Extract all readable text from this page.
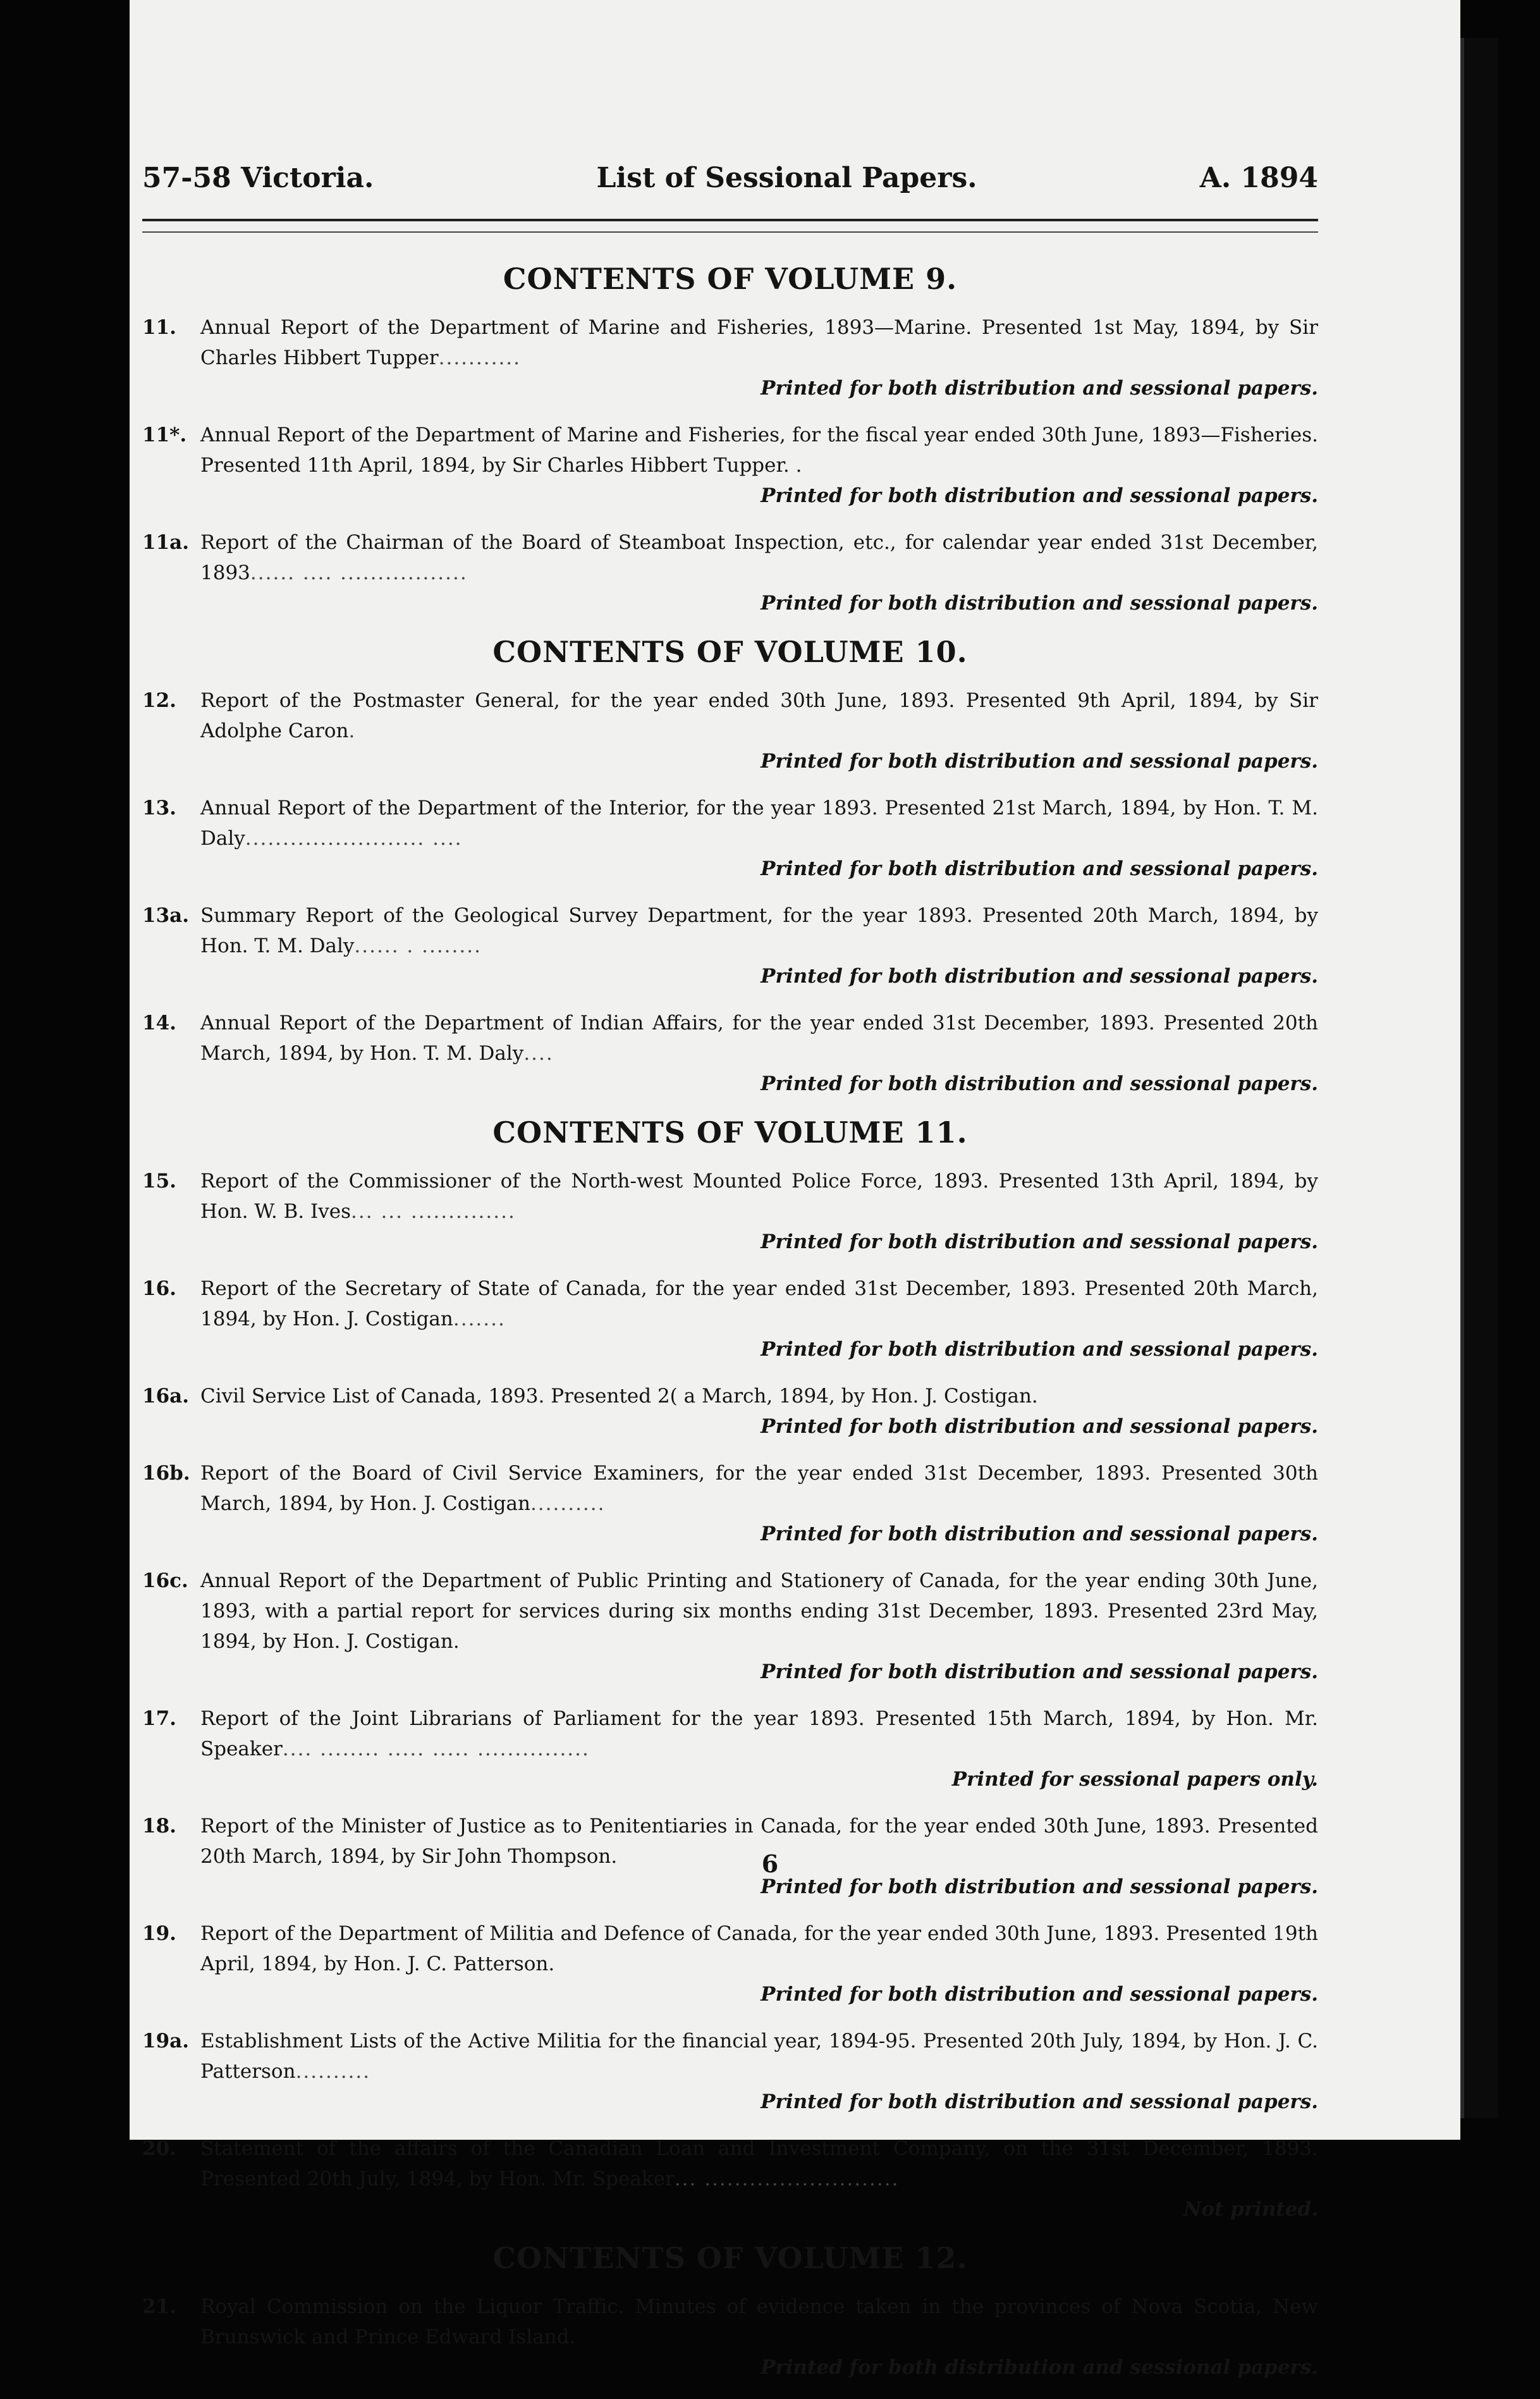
57-58 Victoria.	List of Sessional Papers.	A. 1894
CONTENTS OF VOLUME 9.
11.	Annual Report of the Department of Marine and Fisheries, 1893—Marine. Presented 1st May, 1894, by Sir Charles Hibbert Tupper...........
Printed for both distribution and sessional papers.
11*. Annual Report of the Department of Marine and Fisheries, for the fiscal year ended 30th June, 1893—Fisheries. Presented 11th April, 1894, by Sir Charles Hibbert Tupper. .
Printed for both distribution and sessional papers.
11a. Report of the Chairman of the Board of Steamboat Inspection, etc., for calendar year ended 31st December, 1893...... .... .................
Printed for both distribution and sessional papers.
CONTENTS OF VOLUME 10.
12.	Report of the Postmaster General, for the year ended 30th June, 1893. Presented 9th April, 1894, by Sir Adolphe Caron.
Printed for both distribution and sessional papers.
13.	Annual Report of the Department of the Interior, for the year 1893. Presented 21st March, 1894, by Hon. T. M. Daly........................ ....
Printed for both distribution and sessional papers.
13a. Summary Report of the Geological Survey Department, for the year 1893. Presented 20th March, 1894, by Hon. T. M. Daly...... . ........
Printed for both distribution and sessional papers.
14.	Annual Report of the Department of Indian Affairs, for the year ended 31st December, 1893. Presented 20th March, 1894, by Hon. T. M. Daly....
Printed for both distribution and sessional papers.
CONTENTS OF VOLUME 11.
15.	Report of the Commissioner of the North-west Mounted Police Force, 1893. Presented 13th April, 1894, by Hon. W. B. Ives... ... ..............
Printed for both distribution and sessional papers.
16.	Report of the Secretary of State of Canada, for the year ended 31st December, 1893. Presented 20th March, 1894, by Hon. J. Costigan.......
Printed for both distribution and sessional papers.
16a. Civil Service List of Canada, 1893. Presented 2( a March, 1894, by Hon. J. Costigan.
Printed for both distribution and sessional papers.
16b. Report of the Board of Civil Service Examiners, for the year ended 31st December, 1893. Presented 30th March, 1894, by Hon. J. Costigan..........
Printed for both distribution and sessional papers.
16c. Annual Report of the Department of Public Printing and Stationery of Canada, for the year ending 30th June, 1893, with a partial report for services during six months ending 31st December, 1893. Presented 23rd May, 1894, by Hon. J. Costigan.
Printed for both distribution and sessional papers.
17.	Report of the Joint Librarians of Parliament for the year 1893. Presented 15th March, 1894, by Hon. Mr. Speaker.... ........ ..... ..... ...............
Printed for sessional papers only.
18.	Report of the Minister of Justice as to Penitentiaries in Canada, for the year ended 30th June, 1893. Presented 20th March, 1894, by Sir John Thompson.
Printed for both distribution and sessional papers.
19.	Report of the Department of Militia and Defence of Canada, for the year ended 30th June, 1893. Presented 19th April, 1894, by Hon. J. C. Patterson.
Printed for both distribution and sessional papers.
19a. Establishment Lists of the Active Militia for the financial year, 1894-95. Presented 20th July, 1894, by Hon. J. C. Patterson..........
Printed for both distribution and sessional papers.
20.	Statement of the affairs of the Canadian Loan and Investment Company, on the 31st December, 1893. Presented 20th July, 1894, by Hon. Mr. Speaker... ..........................
Not printed.
CONTENTS OF VOLUME 12.
21.	Royal Commission on the Liquor Traffic. Minutes of evidence taken in the provinces of Nova Scotia, New Brunswick and Prince Edward Island.
Printed for both distribution and sessional papers.
6
